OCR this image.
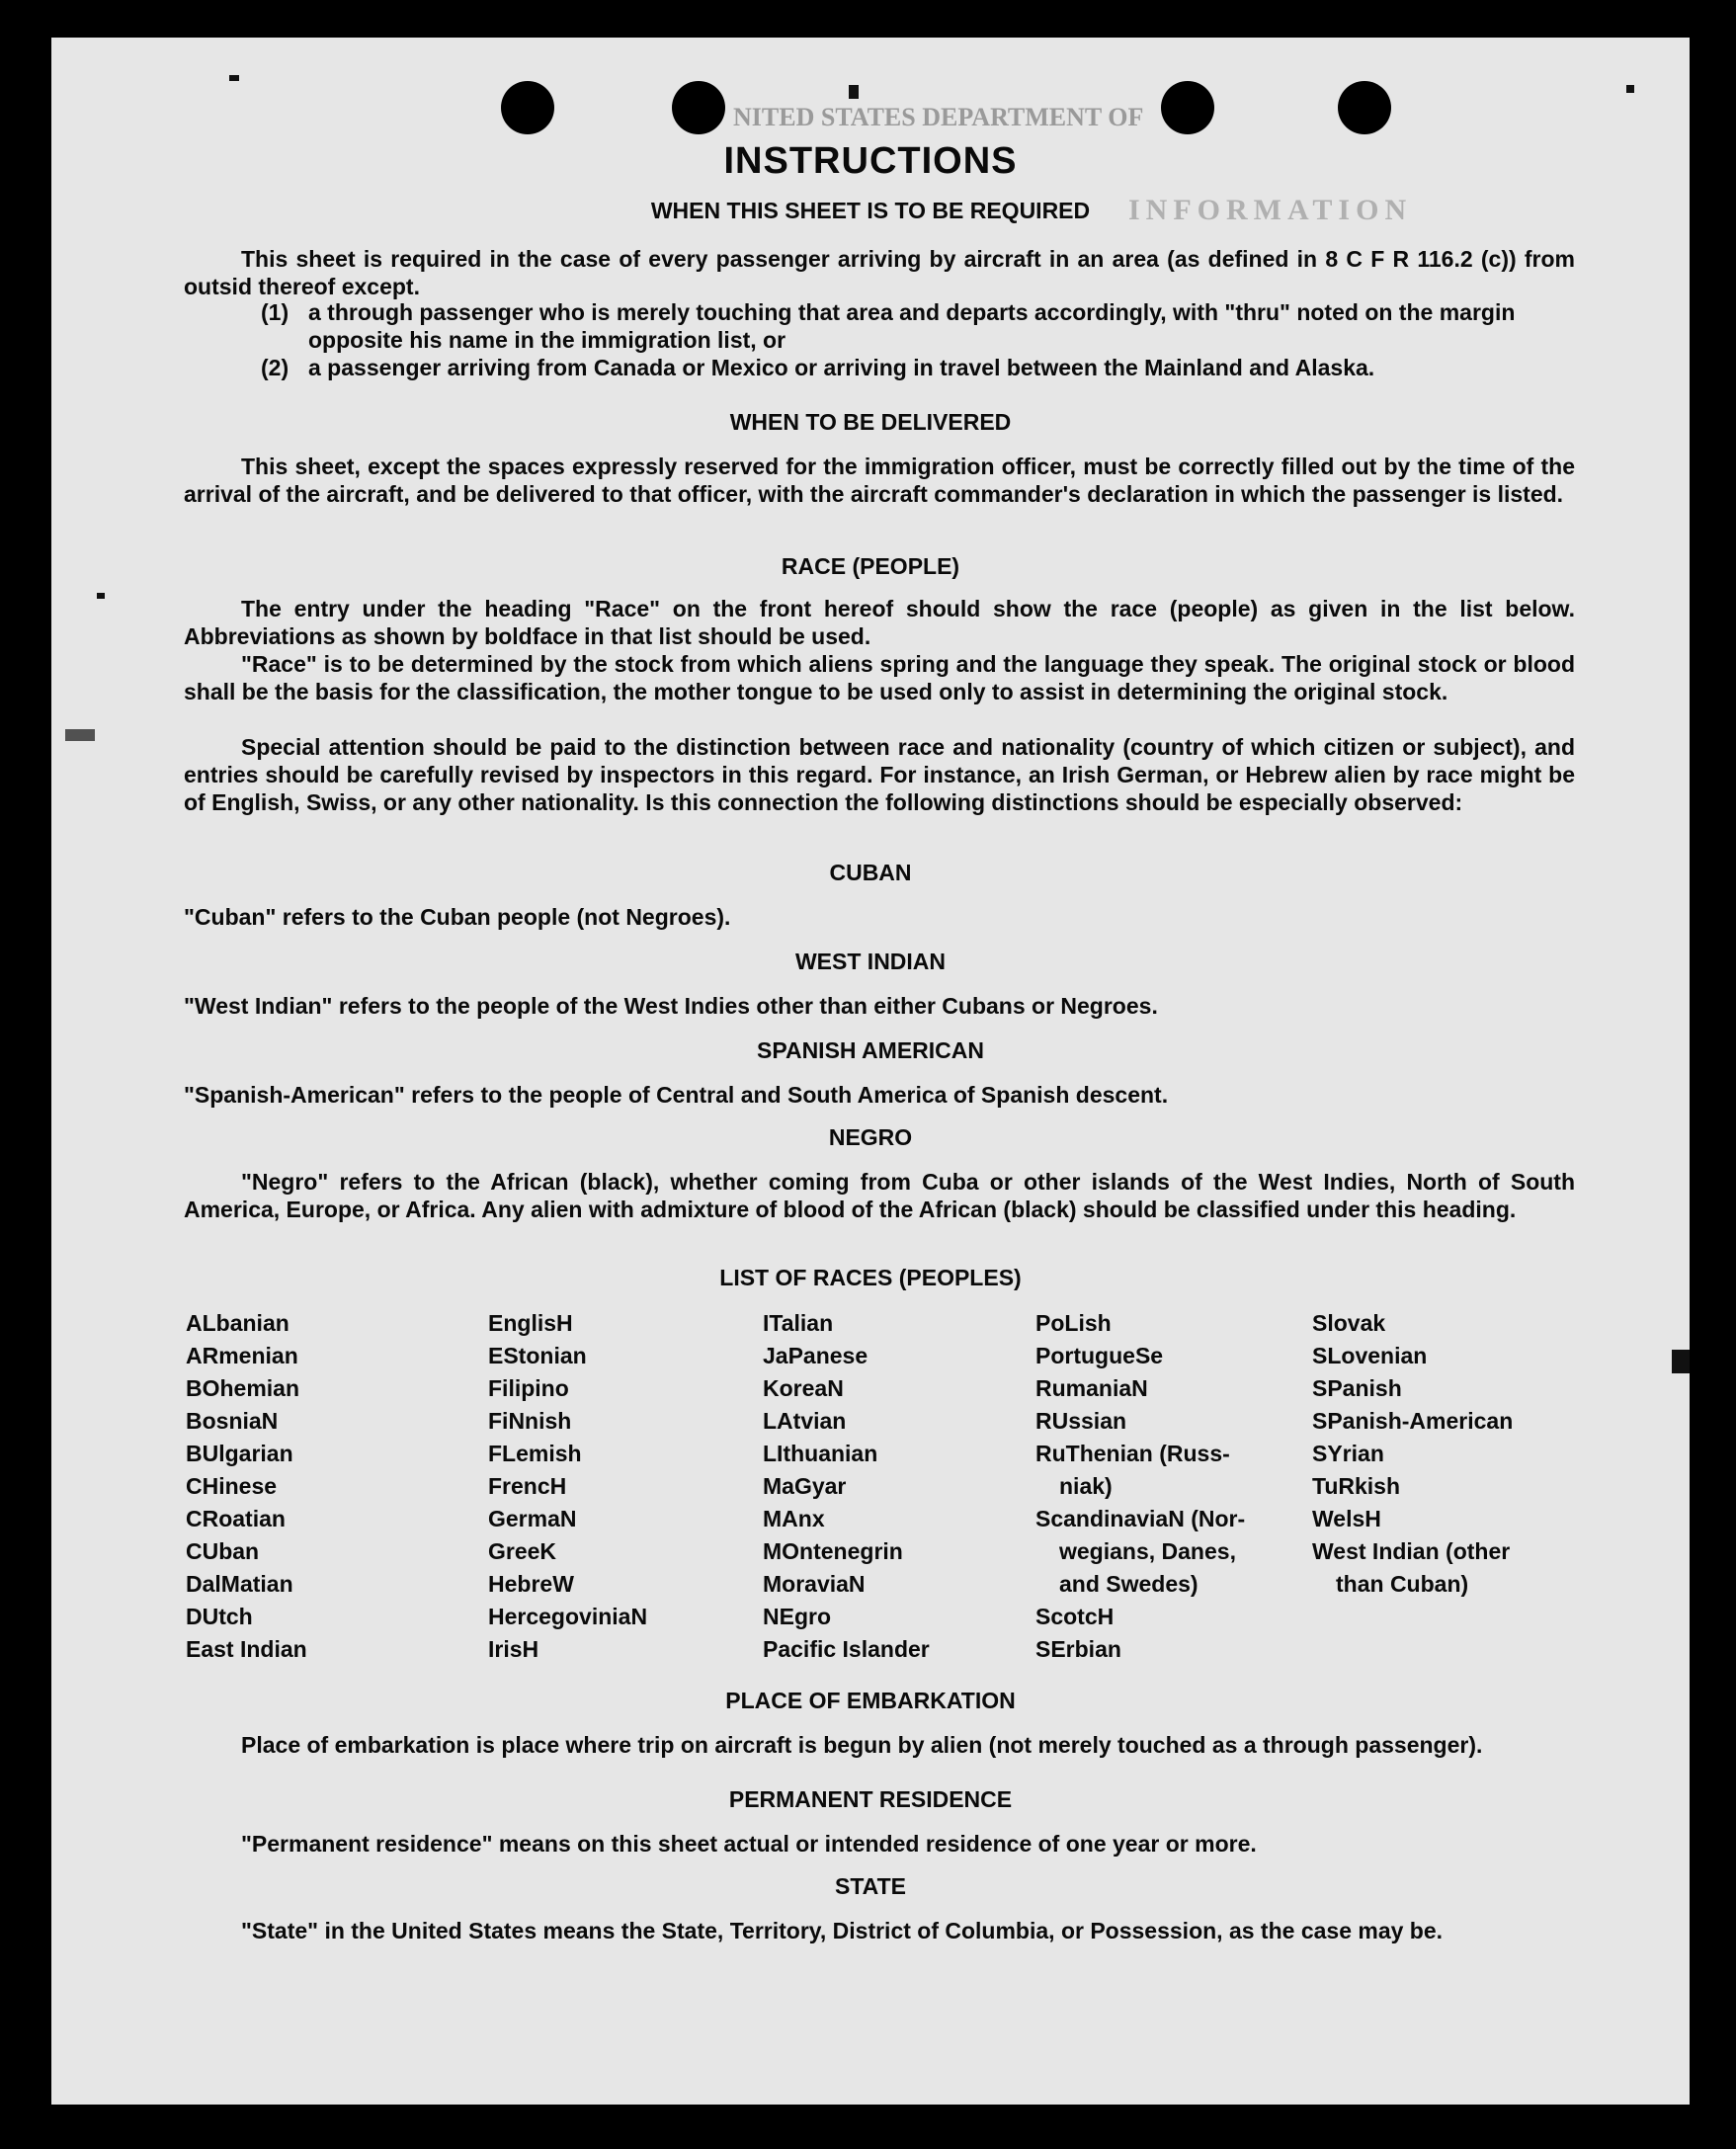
NITED STATES DEPARTMENT OF
INFORMATION
INSTRUCTIONS
WHEN THIS SHEET IS TO BE REQUIRED
This sheet is required in the case of every passenger arriving by aircraft in an area (as defined in 8 C F R 116.2 (c)) from outsid thereof except.
(1) a through passenger who is merely touching that area and departs accordingly, with "thru" noted on the margin opposite his name in the immigration list, or
(2) a passenger arriving from Canada or Mexico or arriving in travel between the Mainland and Alaska.
WHEN TO BE DELIVERED
This sheet, except the spaces expressly reserved for the immigration officer, must be correctly filled out by the time of the arrival of the aircraft, and be delivered to that officer, with the aircraft commander's declaration in which the passenger is listed.
RACE (PEOPLE)
The entry under the heading "Race" on the front hereof should show the race (people) as given in the list below. Abbreviations as shown by boldface in that list should be used.
"Race" is to be determined by the stock from which aliens spring and the language they speak. The original stock or blood shall be the basis for the classification, the mother tongue to be used only to assist in determining the original stock.
Special attention should be paid to the distinction between race and nationality (country of which citizen or subject), and entries should be carefully revised by inspectors in this regard. For instance, an Irish German, or Hebrew alien by race might be of English, Swiss, or any other nationality. Is this connection the following distinctions should be especially observed:
CUBAN
"Cuban" refers to the Cuban people (not Negroes).
WEST INDIAN
"West Indian" refers to the people of the West Indies other than either Cubans or Negroes.
SPANISH AMERICAN
"Spanish-American" refers to the people of Central and South America of Spanish descent.
NEGRO
"Negro" refers to the African (black), whether coming from Cuba or other islands of the West Indies, North of South America, Europe, or Africa. Any alien with admixture of blood of the African (black) should be classified under this heading.
LIST OF RACES (PEOPLES)
ALbanian
ARmenian
BOhemian
BosniaN
BUlgarian
CHinese
CRoatian
CUban
DalMatian
DUtch
East Indian
EnglisH
EStonian
Filipino
FiNnish
FLemish
FrencH
GermaN
GreeK
HebreW
HercegoviniaN
IrisH
ITalian
JaPanese
KoreaN
LAtvian
LIthuanian
MaGyar
MAnx
MOntenegrin
MoraviaN
NEgro
Pacific Islander
PoLish
PortugueSe
RumaniaN
RUssian
RuThenian (Russ-
niak)
ScandinaviaN (Nor-
wegians, Danes,
and Swedes)
ScotcH
SErbian
Slovak
SLovenian
SPanish
SPanish-American
SYrian
TuRkish
WelsH
West Indian (other
than Cuban)
PLACE OF EMBARKATION
Place of embarkation is place where trip on aircraft is begun by alien (not merely touched as a through passenger).
PERMANENT RESIDENCE
"Permanent residence" means on this sheet actual or intended residence of one year or more.
STATE
"State" in the United States means the State, Territory, District of Columbia, or Possession, as the case may be.
